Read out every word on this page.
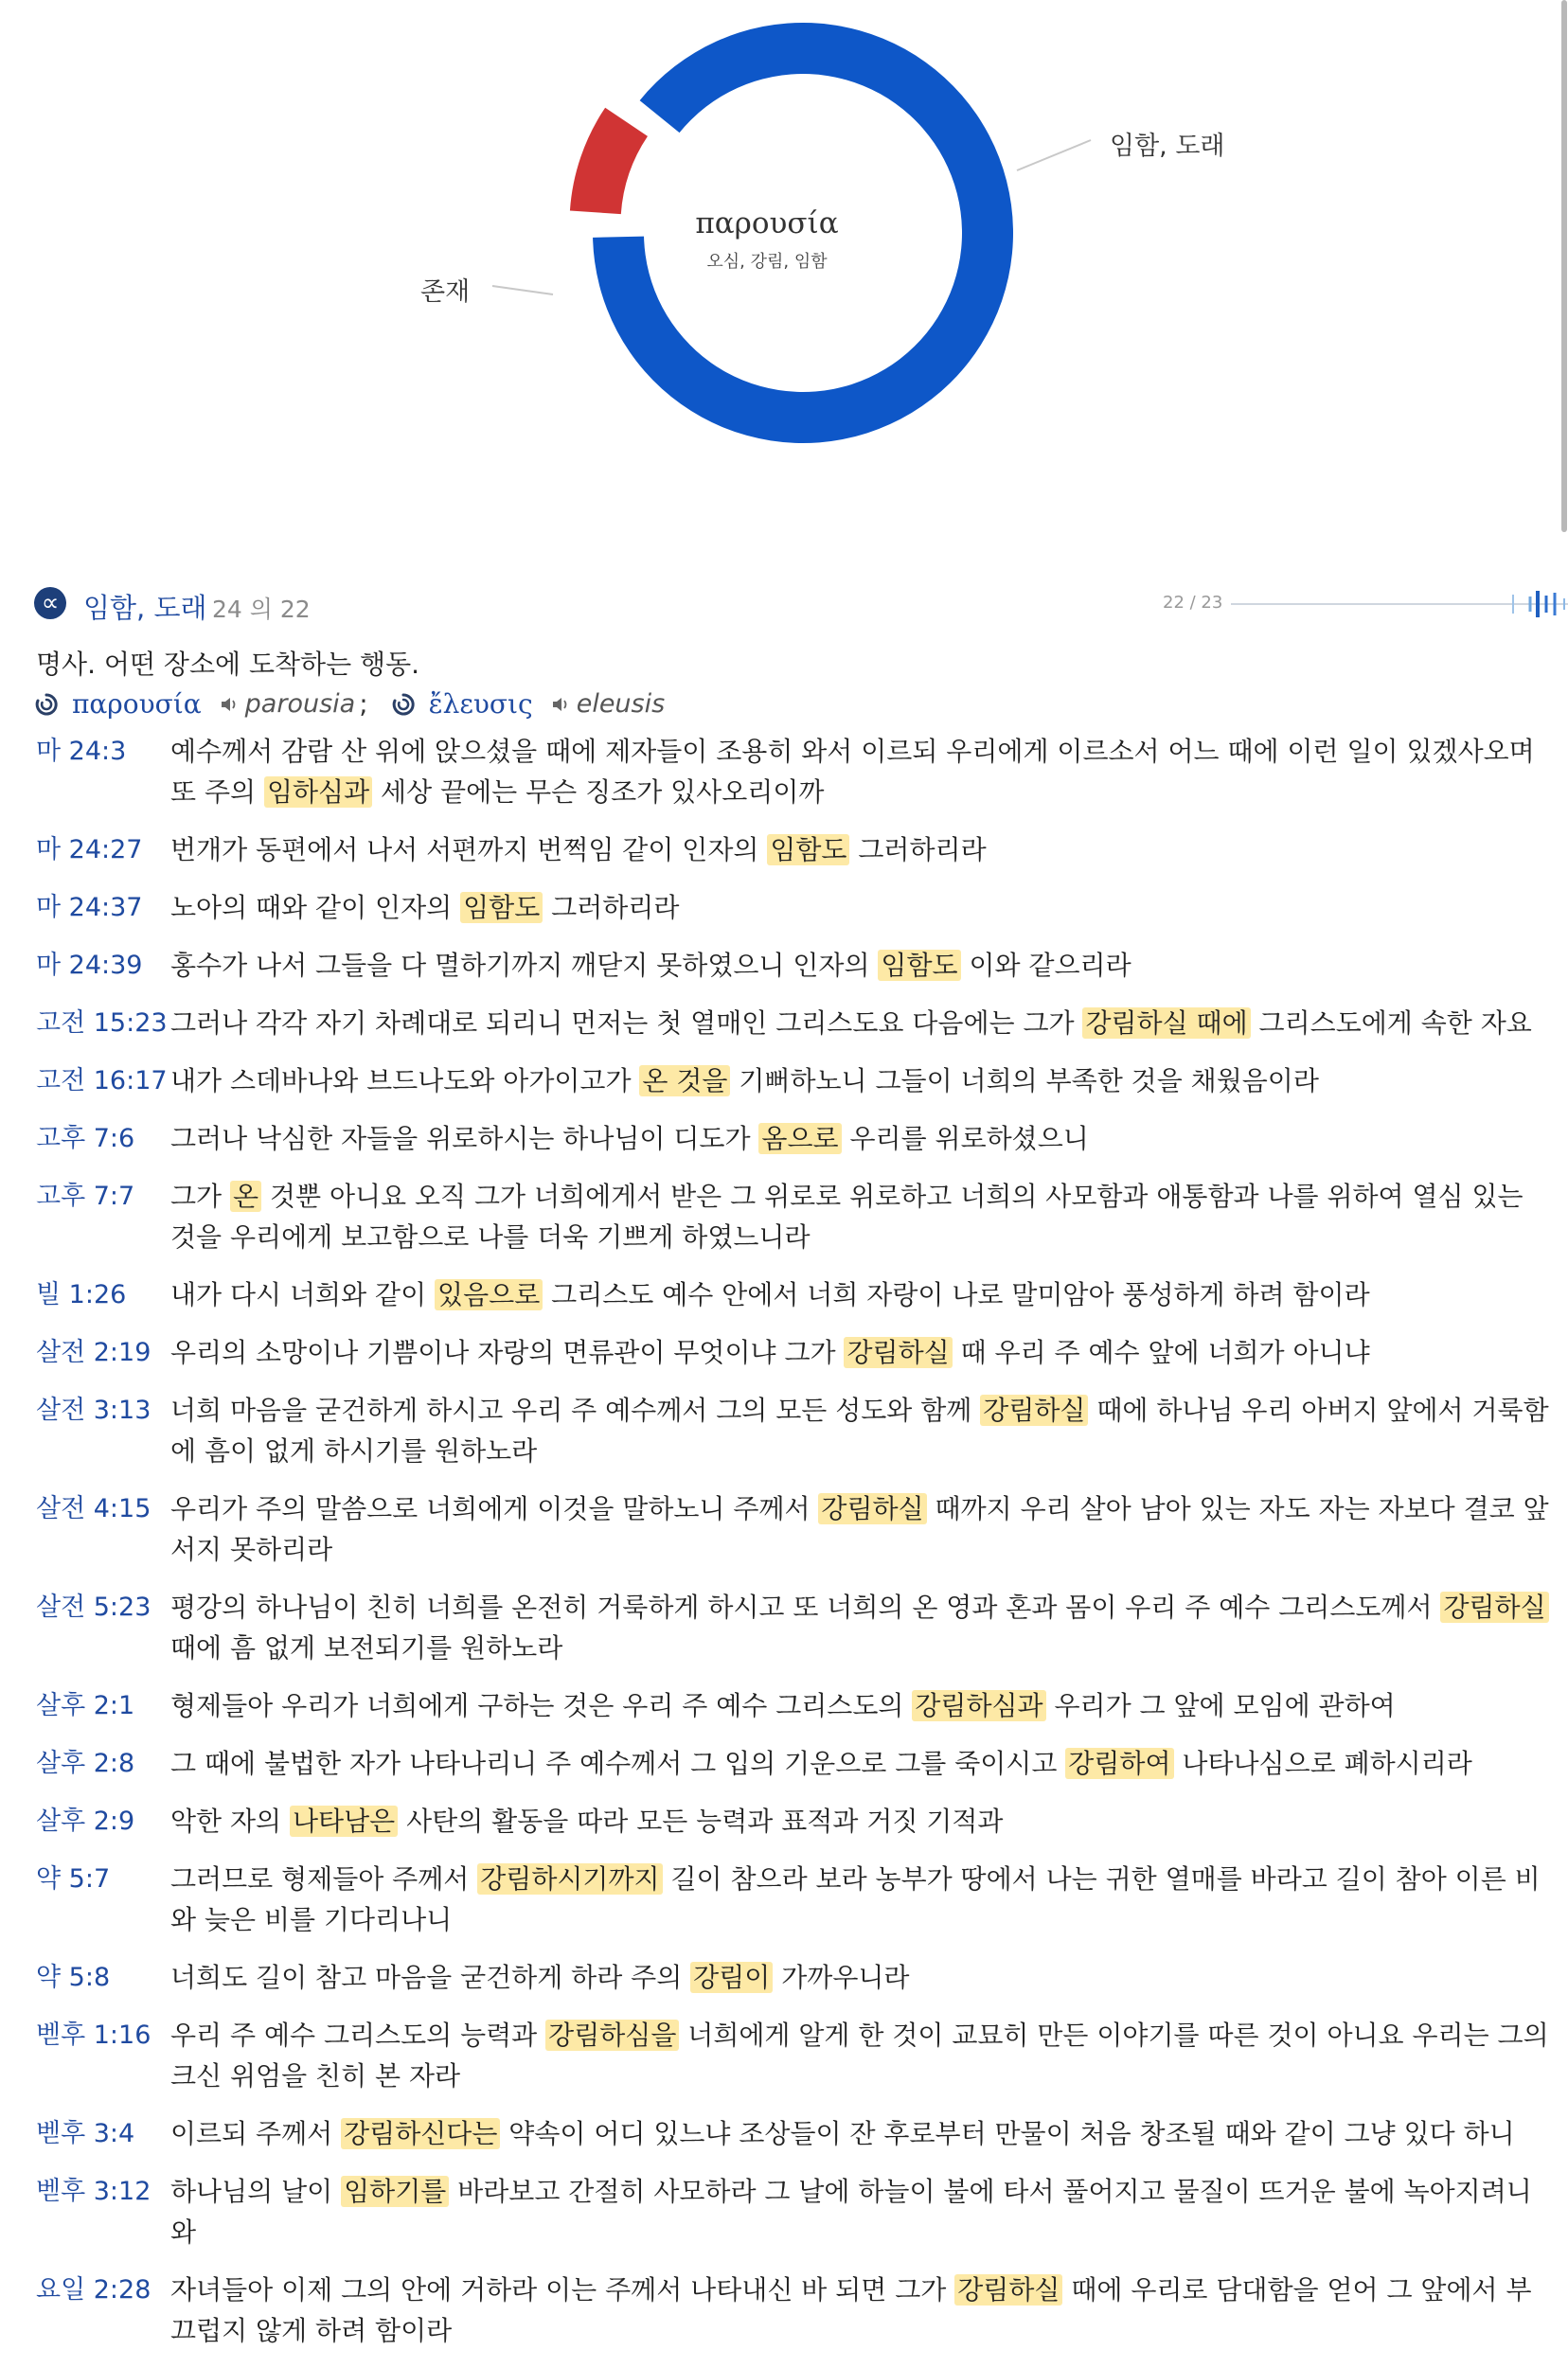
παρουσία
오심, 강림, 임함
임함, 도래
존재
∝ 임함, 도래 24 의 22	22 / 23
명사. 어떤 장소에 도착하는 행동.
παρουσία parousia ; ἔλευσις eleusis
마 24:3	예수께서 감람 산 위에 앉으셨을 때에 제자들이 조용히 와서 이르되 우리에게 이르소서 어느 때에 이런 일이 있겠사오며 또 주의 임하심과 세상 끝에는 무슨 징조가 있사오리이까
마 24:27	번개가 동편에서 나서 서편까지 번쩍임 같이 인자의 임함도 그러하리라
마 24:37	노아의 때와 같이 인자의 임함도 그러하리라
마 24:39	홍수가 나서 그들을 다 멸하기까지 깨닫지 못하였으니 인자의 임함도 이와 같으리라
고전 15:23 그러나 각각 자기 차례대로 되리니 먼저는 첫 열매인 그리스도요 다음에는 그가 강림하실 때에 그리스도에게 속한 자요
고전 16:17 내가 스데바나와 브드나도와 아가이고가 온 것을 기뻐하노니 그들이 너희의 부족한 것을 채웠음이라
고후 7:6	그러나 낙심한 자들을 위로하시는 하나님이 디도가 옴으로 우리를 위로하셨으니
고후 7:7	그가 온 것뿐 아니요 오직 그가 너희에게서 받은 그 위로로 위로하고 너희의 사모함과 애통함과 나를 위하여 열심 있는 것을 우리에게 보고함으로 나를 더욱 기쁘게 하였느니라
빌 1:26	내가 다시 너희와 같이 있음으로 그리스도 예수 안에서 너희 자랑이 나로 말미암아 풍성하게 하려 함이라
살전 2:19 우리의 소망이나 기쁨이나 자랑의 면류관이 무엇이냐 그가 강림하실 때 우리 주 예수 앞에 너희가 아니냐
살전 3:13 너희 마음을 굳건하게 하시고 우리 주 예수께서 그의 모든 성도와 함께 강림하실 때에 하나님 우리 아버지 앞에서 거룩함에 흠이 없게 하시기를 원하노라
살전 4:15 우리가 주의 말씀으로 너희에게 이것을 말하노니 주께서 강림하실 때까지 우리 살아 남아 있는 자도 자는 자보다 결코 앞서지 못하리라
살전 5:23 평강의 하나님이 친히 너희를 온전히 거룩하게 하시고 또 너희의 온 영과 혼과 몸이 우리 주 예수 그리스도께서 강림하실 때에 흠 없게 보전되기를 원하노라
살후 2:1	형제들아 우리가 너희에게 구하는 것은 우리 주 예수 그리스도의 강림하심과 우리가 그 앞에 모임에 관하여
살후 2:8	그 때에 불법한 자가 나타나리니 주 예수께서 그 입의 기운으로 그를 죽이시고 강림하여 나타나심으로 폐하시리라
살후 2:9	악한 자의 나타남은 사탄의 활동을 따라 모든 능력과 표적과 거짓 기적과
약 5:7	그러므로 형제들아 주께서 강림하시기까지 길이 참으라 보라 농부가 땅에서 나는 귀한 열매를 바라고 길이 참아 이른 비와 늦은 비를 기다리나니
약 5:8	너희도 길이 참고 마음을 굳건하게 하라 주의 강림이 가까우니라
벧후 1:16 우리 주 예수 그리스도의 능력과 강림하심을 너희에게 알게 한 것이 교묘히 만든 이야기를 따른 것이 아니요 우리는 그의 크신 위엄을 친히 본 자라
벧후 3:4	이르되 주께서 강림하신다는 약속이 어디 있느냐 조상들이 잔 후로부터 만물이 처음 창조될 때와 같이 그냥 있다 하니
벧후 3:12 하나님의 날이 임하기를 바라보고 간절히 사모하라 그 날에 하늘이 불에 타서 풀어지고 물질이 뜨거운 불에 녹아지려니와
요일 2:28 자녀들아 이제 그의 안에 거하라 이는 주께서 나타내신 바 되면 그가 강림하실 때에 우리로 담대함을 얻어 그 앞에서 부끄럽지 않게 하려 함이라
